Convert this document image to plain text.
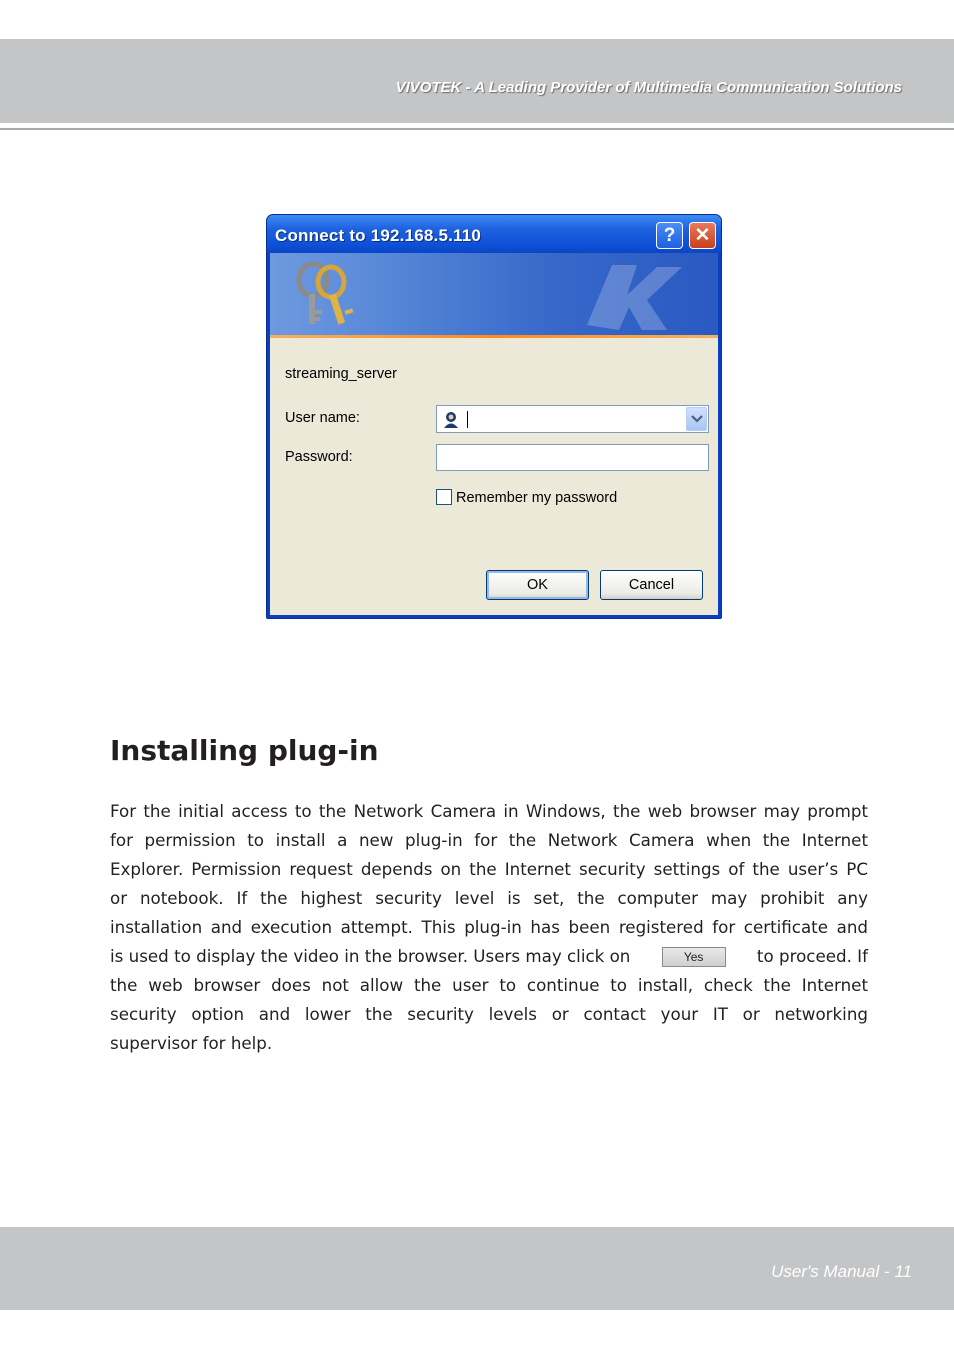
VIVOTEK - A Leading Provider of Multimedia Communication Solutions
Connect to 192.168.5.110	?	✕
streaming_server
User name:
Password:
Remember my password
OK	Cancel
Installing plug-in
For the initial access to the Network Camera in Windows, the web browser may prompt
for permission to install a new plug-in for the Network Camera when the Internet
Explorer. Permission request depends on the Internet security settings of the user’s PC
or notebook. If the highest security level is set, the computer may prohibit any
installation and execution attempt. This plug-in has been registered for certificate and
is used to display the video in the browser. Users may click on	Yes	to proceed. If
the web browser does not allow the user to continue to install, check the Internet
security option and lower the security levels or contact your IT or networking
supervisor for help.
User's Manual - 11
